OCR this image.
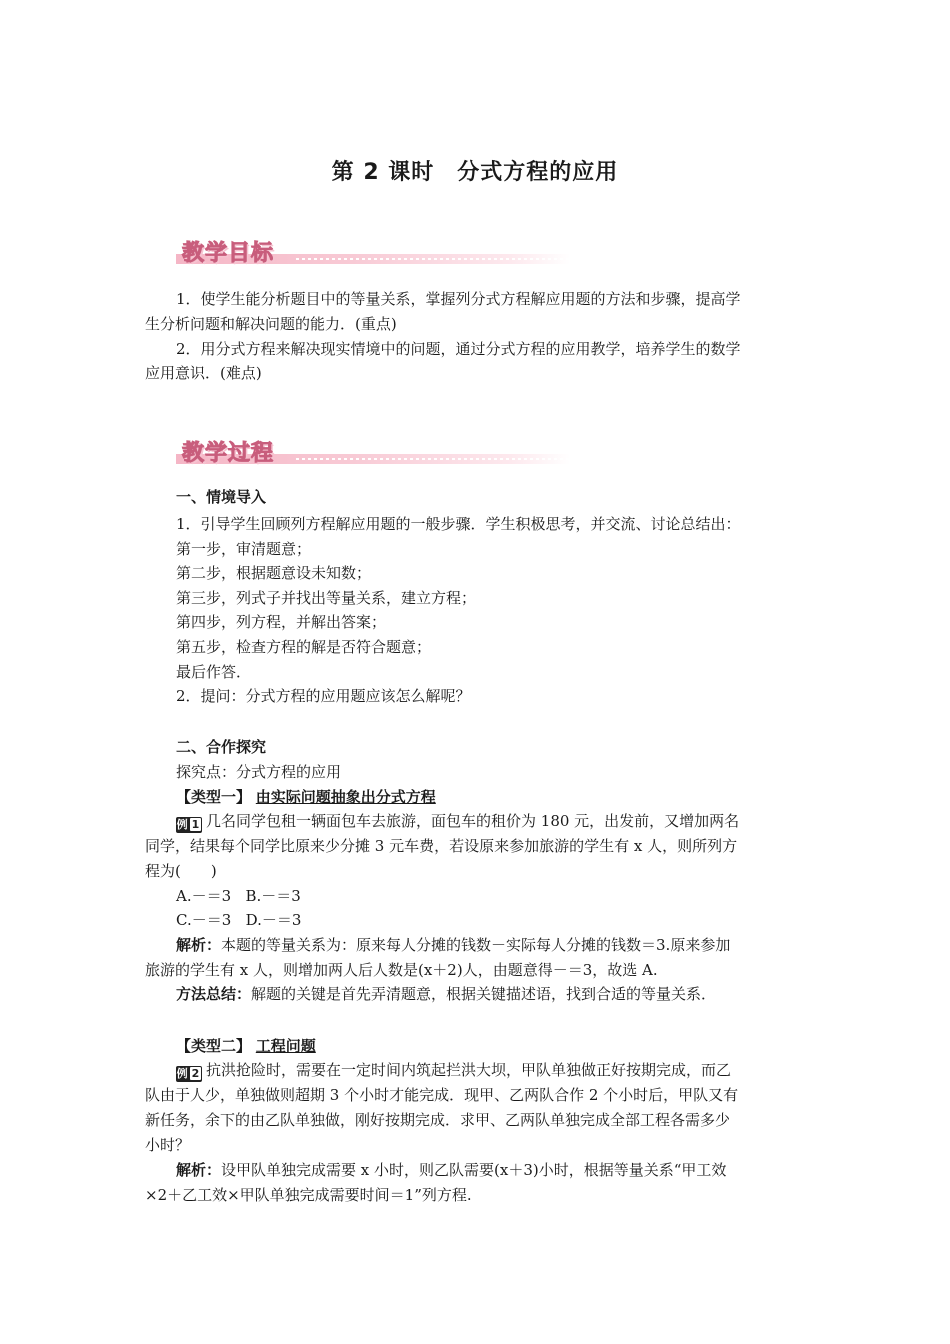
第 2 课时　分式方程的应用
教学目标
1．使学生能分析题目中的等量关系，掌握列分式方程解应用题的方法和步骤，提高学
生分析问题和解决问题的能力．(重点)
2．用分式方程来解决现实情境中的问题，通过分式方程的应用教学，培养学生的数学
应用意识．(难点)
教学过程
一、情境导入
1．引导学生回顾列方程解应用题的一般步骤．学生积极思考，并交流、讨论总结出：
第一步，审清题意；
第二步，根据题意设未知数；
第三步，列式子并找出等量关系，建立方程；
第四步，列方程，并解出答案；
第五步，检查方程的解是否符合题意；
最后作答．
2．提问：分式方程的应用题应该怎么解呢？
二、合作探究
探究点：分式方程的应用
【类型一】 由实际问题抽象出分式方程
例 1 几名同学包租一辆面包车去旅游，面包车的租价为 180 元，出发前，又增加两名
同学，结果每个同学比原来少分摊 3 元车费，若设原来参加旅游的学生有 x 人，则所列方
程为(　　)
A.－＝3 B.－＝3
C.－＝3 D.－＝3
解析：本题的等量关系为：原来每人分摊的钱数－实际每人分摊的钱数＝3.原来参加
旅游的学生有 x 人，则增加两人后人数是(x＋2)人，由题意得－＝3，故选 A.
方法总结：解题的关键是首先弄清题意，根据关键描述语，找到合适的等量关系．
【类型二】 工程问题
例 2 抗洪抢险时，需要在一定时间内筑起拦洪大坝，甲队单独做正好按期完成，而乙
队由于人少，单独做则超期 3 个小时才能完成．现甲、乙两队合作 2 个小时后，甲队又有
新任务，余下的由乙队单独做，刚好按期完成．求甲、乙两队单独完成全部工程各需多少
小时？
解析：设甲队单独完成需要 x 小时，则乙队需要(x＋3)小时，根据等量关系“甲工效
×2＋乙工效×甲队单独完成需要时间＝1”列方程.
